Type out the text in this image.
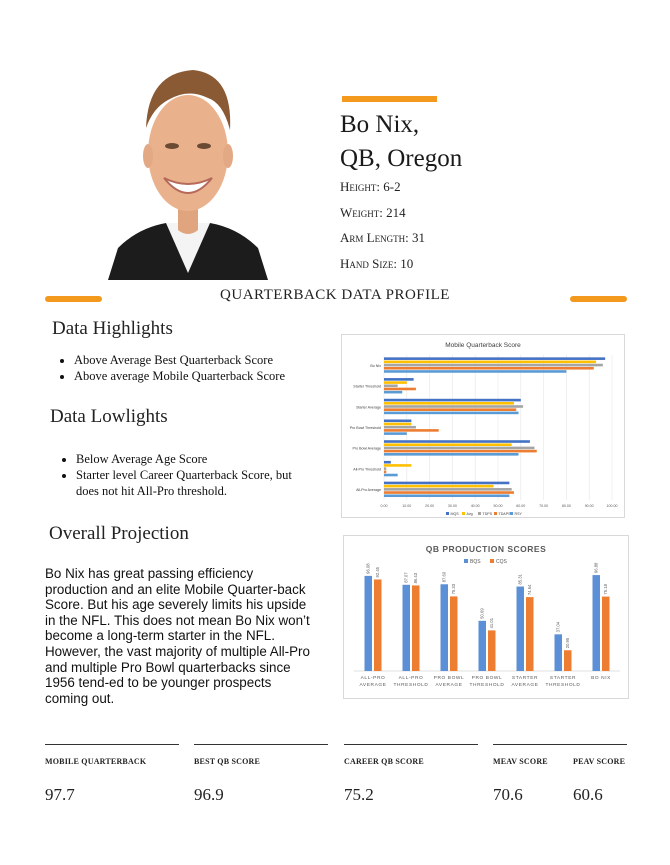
Bo Nix,
QB, Oregon
Height: 6-2
Weight: 214
Arm Length: 31
Hand Size: 10
QUARTERBACK DATA PROFILE
Data Highlights
• Above Average Best Quarterback Score
• Above average Mobile Quarterback Score
Data Lowlights
• Below Average Age Score
• Starter level Career Quarterback Score, but does not hit All-Pro threshold.
Overall Projection
Bo Nix has great passing efficiency production and an elite Mobile Quarter-back Score. But his age severely limits his upside in the NFL. This does not mean Bo Nix won’t become a long-term starter in the NFL. However, the vast majority of multiple All-Pro and multiple Pro Bowl quarterbacks since 1956 tend-ed to be younger prospects coming out.
Mobile Quarterback Score
0.00	10.00	20.00	30.00	40.00	50.00	60.00	70.00	80.00	90.00	100.00
Bo Nix
Starter Threshold
Starter Average
Pro Bowl Threshold
Pro Bowl Average
All-Pro Threshold
All-Pro Average
MQS Avg	TDPS TDAPS RSY
QB PRODUCTION SCORES
BQS	CQS
96.08 92.45
ALL-PRO
AVERAGE
87.07 86.43
ALL-PRO
THRESHOLD
87.60
75.33
PRO BOWL
AVERAGE
50.69
41.01
PRO BOWL
THRESHOLD
85.31
74.64
STARTER
AVERAGE
37.04
20.95
STARTER
THRESHOLD
96.88
75.18
BO NIX
MOBILE QUARTERBACK	BEST QB SCORE	CAREER QB SCORE	MEAV SCORE	PEAV SCORE
97.7	96.9	75.2	70.6	60.6
